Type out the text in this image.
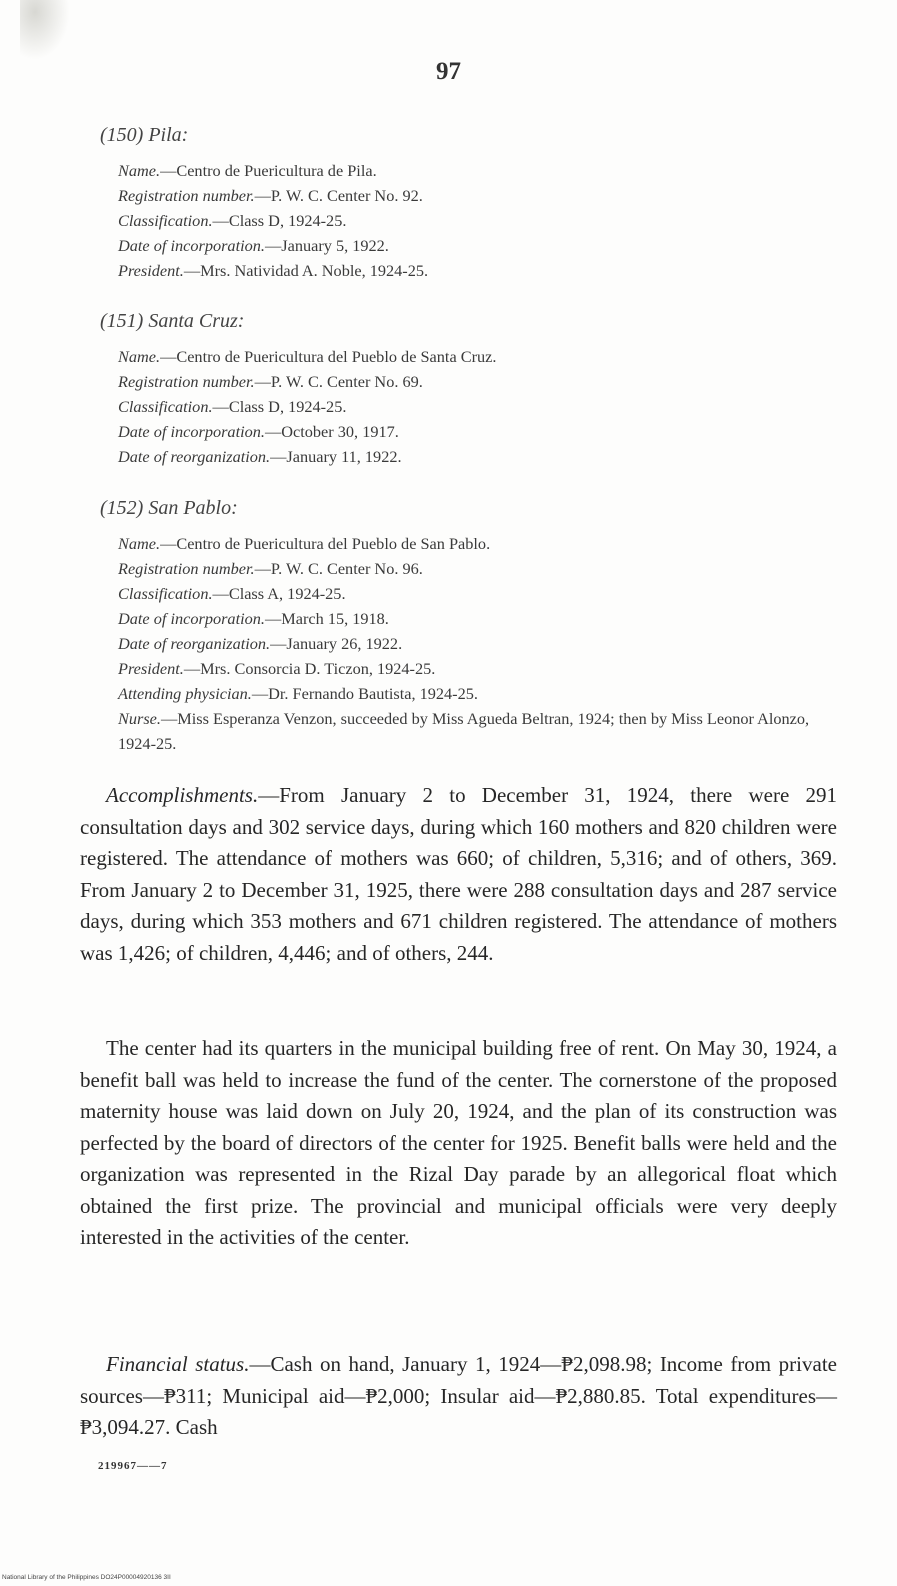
97
(150) Pila:
Name.—Centro de Puericultura de Pila.
Registration number.—P. W. C. Center No. 92.
Classification.—Class D, 1924-25.
Date of incorporation.—January 5, 1922.
President.—Mrs. Natividad A. Noble, 1924-25.
(151) Santa Cruz:
Name.—Centro de Puericultura del Pueblo de Santa Cruz.
Registration number.—P. W. C. Center No. 69.
Classification.—Class D, 1924-25.
Date of incorporation.—October 30, 1917.
Date of reorganization.—January 11, 1922.
(152) San Pablo:
Name.—Centro de Puericultura del Pueblo de San Pablo.
Registration number.—P. W. C. Center No. 96.
Classification.—Class A, 1924-25.
Date of incorporation.—March 15, 1918.
Date of reorganization.—January 26, 1922.
President.—Mrs. Consorcia D. Ticzon, 1924-25.
Attending physician.—Dr. Fernando Bautista, 1924-25.
Nurse.—Miss Esperanza Venzon, succeeded by Miss Agueda Beltran, 1924; then by Miss Leonor Alonzo, 1924-25.
Accomplishments.—From January 2 to December 31, 1924, there were 291 consultation days and 302 service days, during which 160 mothers and 820 children were registered. The attendance of mothers was 660; of children, 5,316; and of others, 369. From January 2 to December 31, 1925, there were 288 consultation days and 287 service days, during which 353 mothers and 671 children registered. The attendance of mothers was 1,426; of children, 4,446; and of others, 244.
The center had its quarters in the municipal building free of rent. On May 30, 1924, a benefit ball was held to increase the fund of the center. The cornerstone of the proposed maternity house was laid down on July 20, 1924, and the plan of its construction was perfected by the board of directors of the center for 1925. Benefit balls were held and the organization was represented in the Rizal Day parade by an allegorical float which obtained the first prize. The provincial and municipal officials were very deeply interested in the activities of the center.
Financial status.—Cash on hand, January 1, 1924—₱2,098.98; Income from private sources—₱311; Municipal aid—₱2,000; Insular aid—₱2,880.85. Total expenditures—₱3,094.27. Cash
219967——7
National Library of the Philippines DO24P00004920136 3II
